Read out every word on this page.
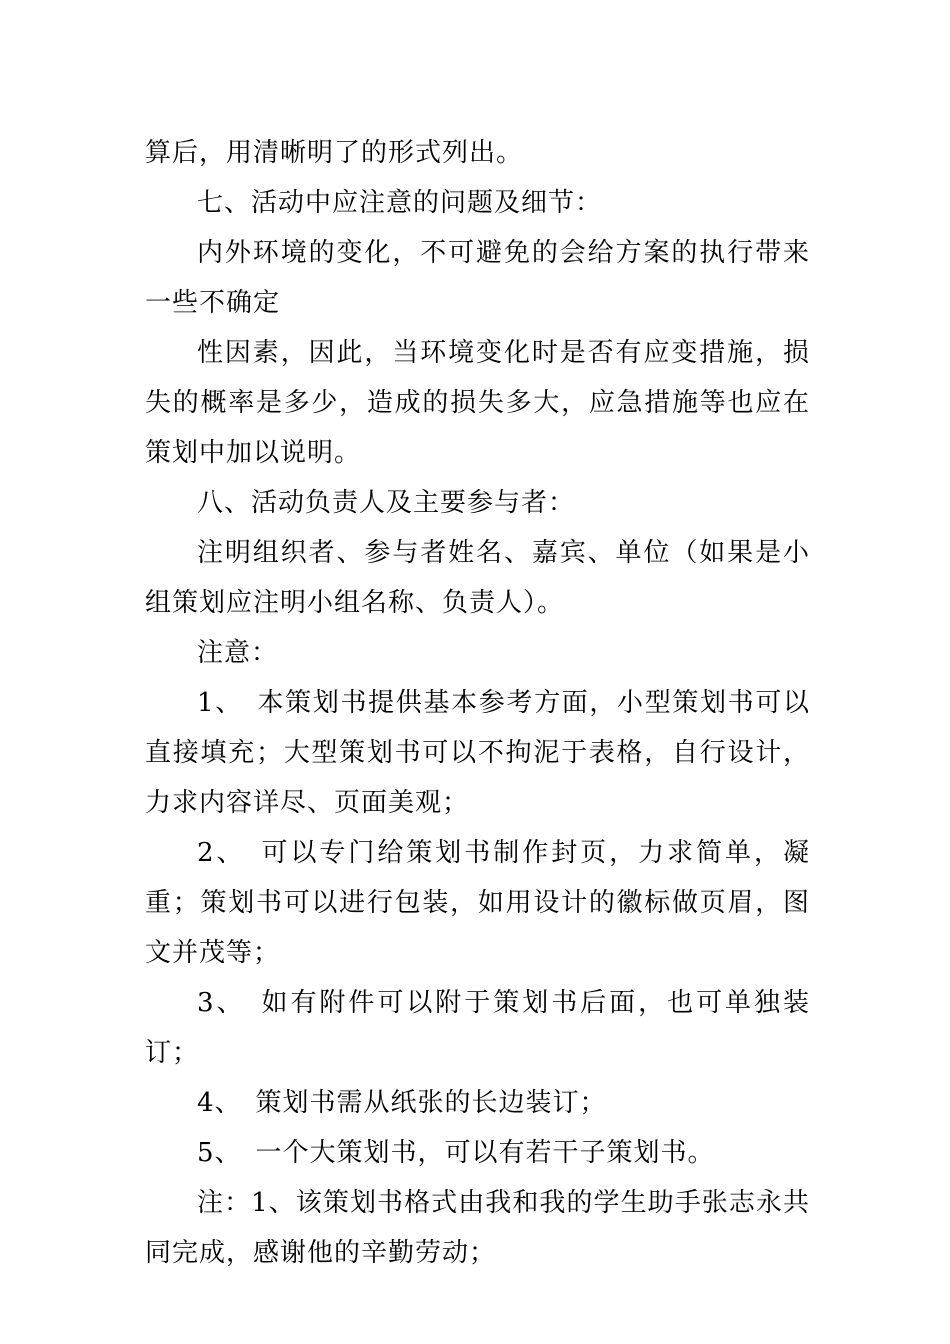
算后，用清晰明了的形式列出。

七、活动中应注意的问题及细节：

内外环境的变化，不可避免的会给方案的执行带来一些不确定

性因素，因此，当环境变化时是否有应变措施，损失的概率是多少，造成的损失多大，应急措施等也应在策划中加以说明。

八、活动负责人及主要参与者：

注明组织者、参与者姓名、嘉宾、单位（如果是小组策划应注明小组名称、负责人）。

注意：

1、　本策划书提供基本参考方面，小型策划书可以直接填充；大型策划书可以不拘泥于表格，自行设计，力求内容详尽、页面美观；

2、　可以专门给策划书制作封页，力求简单，凝重；策划书可以进行包装，如用设计的徽标做页眉，图文并茂等；

3、　如有附件可以附于策划书后面，也可单独装订；

4、　策划书需从纸张的长边装订；

5、　一个大策划书，可以有若干子策划书。

注：1、该策划书格式由我和我的学生助手张志永共同完成，感谢他的辛勤劳动；
